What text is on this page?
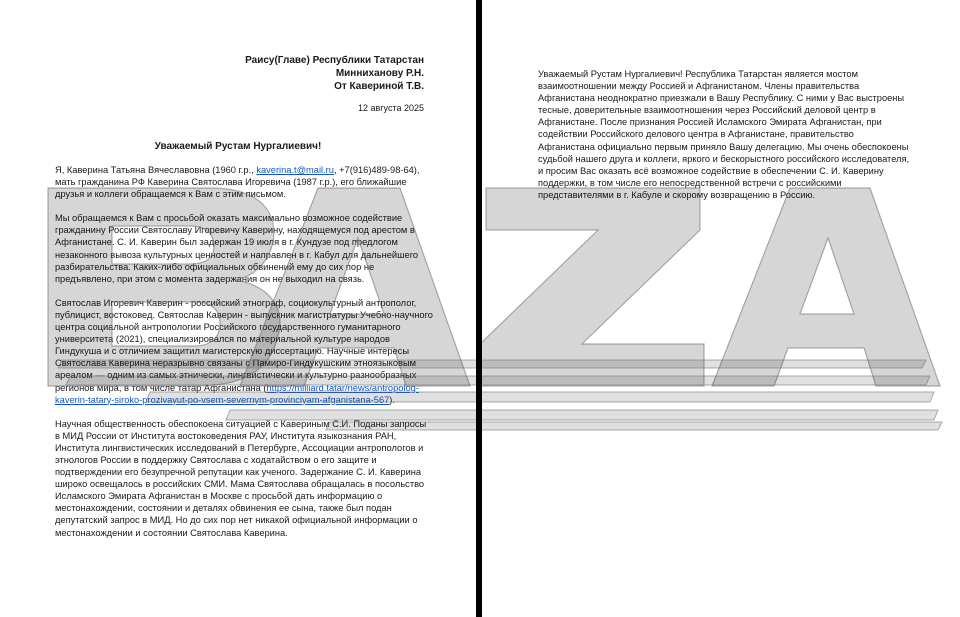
Раису(Главе) Республики Татарстан
Минниханову Р.Н.
От Кавериной Т.В.
12 августа 2025
Уважаемый Рустам Нургалиевич!

Я, Каверина Татьяна Вячеславовна (1960 г.р., kaverina.t@mail.ru, +7(916)489-98-64), мать гражданина РФ Каверина Святослава Игоревича (1987 г.р.), его ближайшие друзья и коллеги обращаемся к Вам с этим письмом.

Мы обращаемся к Вам с просьбой оказать максимально возможное содействие гражданину России Святославу Игоревичу Каверину, находящемуся под арестом в Афганистане. С. И. Каверин был задержан 19 июля в г. Кундузе под предлогом незаконного вывоза культурных ценностей и направлен в г. Кабул для дальнейшего разбирательства. Каких-либо официальных обвинений ему до сих пор не предъявлено, при этом с момента задержания он не выходил на связь.

Святослав Игоревич Каверин - российский этнограф, социокультурный антрополог, публицист, востоковед. Святослав Каверин - выпускник магистратуры Учебно-научного центра социальной антропологии Российского государственного гуманитарного университета (2021), специализировался по материальной культуре народов Гиндукуша и с отличием защитил магистерскую диссертацию. Научные интересы Святослава Каверина неразрывно связаны с Памиро-Гиндукушским этноязыковым ареалом — одним из самых этнически, лингвистически и культурно разнообразных регионов мира, в том числе татар Афганистана (https://milliard.tatar/news/antropolog-kaverin-tatary-siroko-prozivayut-po-vsem-severnym-provinciyam-afganistana-567).

Научная общественность обеспокоена ситуацией с Кавериным С.И. Поданы запросы в МИД России от Института востоковедения РАУ, Института языкознания РАН, Института лингвистических исследований в Петербурге, Ассоциации антропологов и этнологов России в поддержку Святослава с ходатайством о его защите и подтверждении его безупречной репутации как ученого. Задержание С. И. Каверина широко освещалось в российских СМИ. Мама Святослава обращалась в посольство Исламского Эмирата Афганистан в Москве с просьбой дать информацию о местонахождении, состоянии и деталях обвинения ее сына, также был подан депутатский запрос в МИД. Но до сих пор нет никакой официальной информации о местонахождении и состоянии Святослава Каверина.

Уважаемый Рустам Нургалиевич! Республика Татарстан является мостом взаимоотношении между Россией и Афганистаном. Члены правительства Афганистана неоднократно приезжали в Вашу Республику. С ними у Вас выстроены тесные, доверительные взаимоотношения через Российский деловой центр в Афганистане. После признания Россией Исламского Эмирата Афганистан, при содействии Российского делового центра в Афганистане, правительство Афганистана официально первым приняло Вашу делегацию. Мы очень обеспокоены судьбой нашего друга и коллеги, яркого и бескорыстного российского исследователя, и просим Вас оказать всё возможное содействие в обеспечении С. И. Каверину поддержки, в том числе его непосредственной встречи с российскими представителями в г. Кабуле и скорому возвращению в Россию.
